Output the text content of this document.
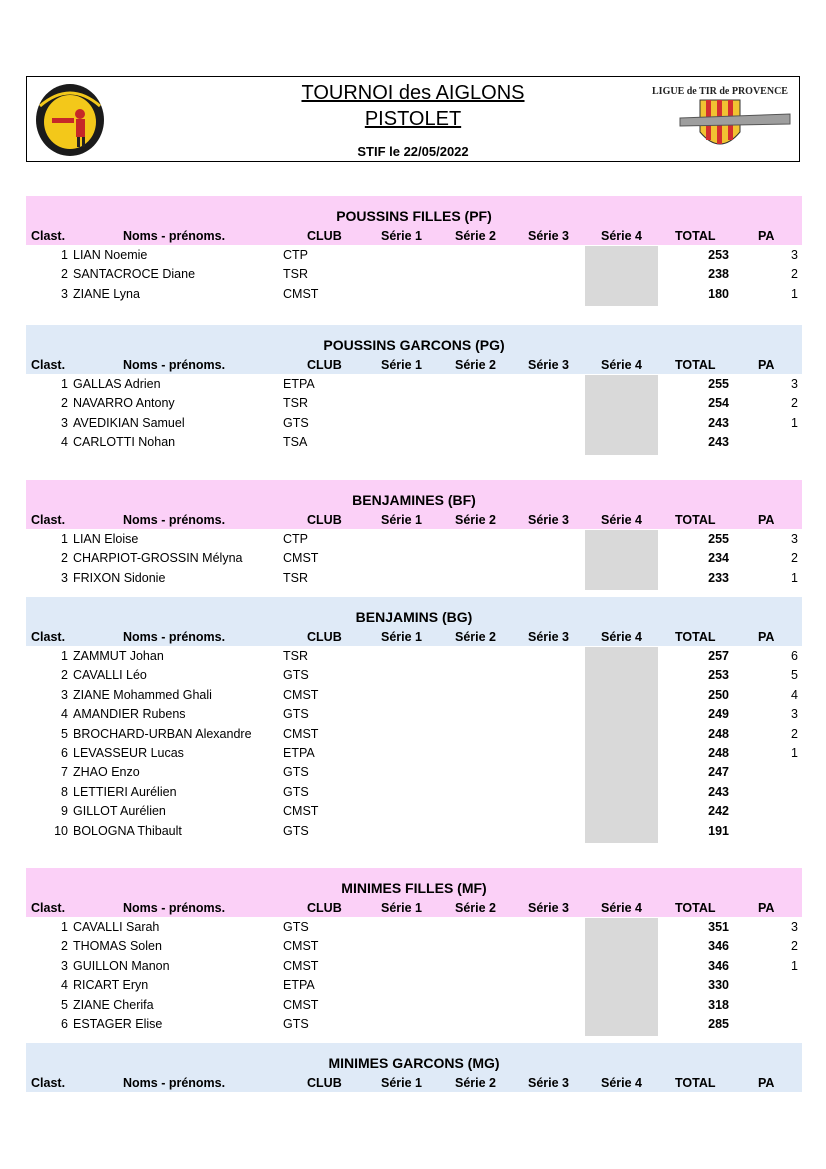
LIGUE de TIR de PROVENCE
TOURNOI des AIGLONS
PISTOLET
STIF le 22/05/2022
POUSSINS FILLES (PF)
Clast.	Noms - prénoms.	CLUB	Série 1	Série 2	Série 3	Série 4	TOTAL	PA
1 LIAN Noemie	CTP	253	3
2 SANTACROCE Diane	TSR	238	2
3 ZIANE Lyna	CMST	180	1
POUSSINS GARCONS (PG)
Clast.	Noms - prénoms.	CLUB	Série 1	Série 2	Série 3	Série 4	TOTAL	PA
1 GALLAS Adrien	ETPA	255	3
2 NAVARRO Antony	TSR	254	2
3 AVEDIKIAN Samuel	GTS	243	1
4 CARLOTTI Nohan	TSA	243
BENJAMINES (BF)
Clast.	Noms - prénoms.	CLUB	Série 1	Série 2	Série 3	Série 4	TOTAL	PA
1 LIAN Eloise	CTP	255	3
2 CHARPIOT-GROSSIN Mélyna	CMST	234	2
3 FRIXON Sidonie	TSR	233	1
BENJAMINS (BG)
Clast.	Noms - prénoms.	CLUB	Série 1	Série 2	Série 3	Série 4	TOTAL	PA
1 ZAMMUT Johan	TSR	257	6
2 CAVALLI Léo	GTS	253	5
3 ZIANE Mohammed Ghali	CMST	250	4
4 AMANDIER Rubens	GTS	249	3
5 BROCHARD-URBAN Alexandre	CMST	248	2
6 LEVASSEUR Lucas	ETPA	248	1
7 ZHAO Enzo	GTS	247
8 LETTIERI Aurélien	GTS	243
9 GILLOT Aurélien	CMST	242
10 BOLOGNA Thibault	GTS	191
MINIMES FILLES (MF)
Clast.	Noms - prénoms.	CLUB	Série 1	Série 2	Série 3	Série 4	TOTAL	PA
1 CAVALLI Sarah	GTS	351	3
2 THOMAS Solen	CMST	346	2
3 GUILLON Manon	CMST	346	1
4 RICART Eryn	ETPA	330
5 ZIANE Cherifa	CMST	318
6 ESTAGER Elise	GTS	285
MINIMES GARCONS (MG)
Clast.	Noms - prénoms.	CLUB	Série 1	Série 2	Série 3	Série 4	TOTAL	PA
